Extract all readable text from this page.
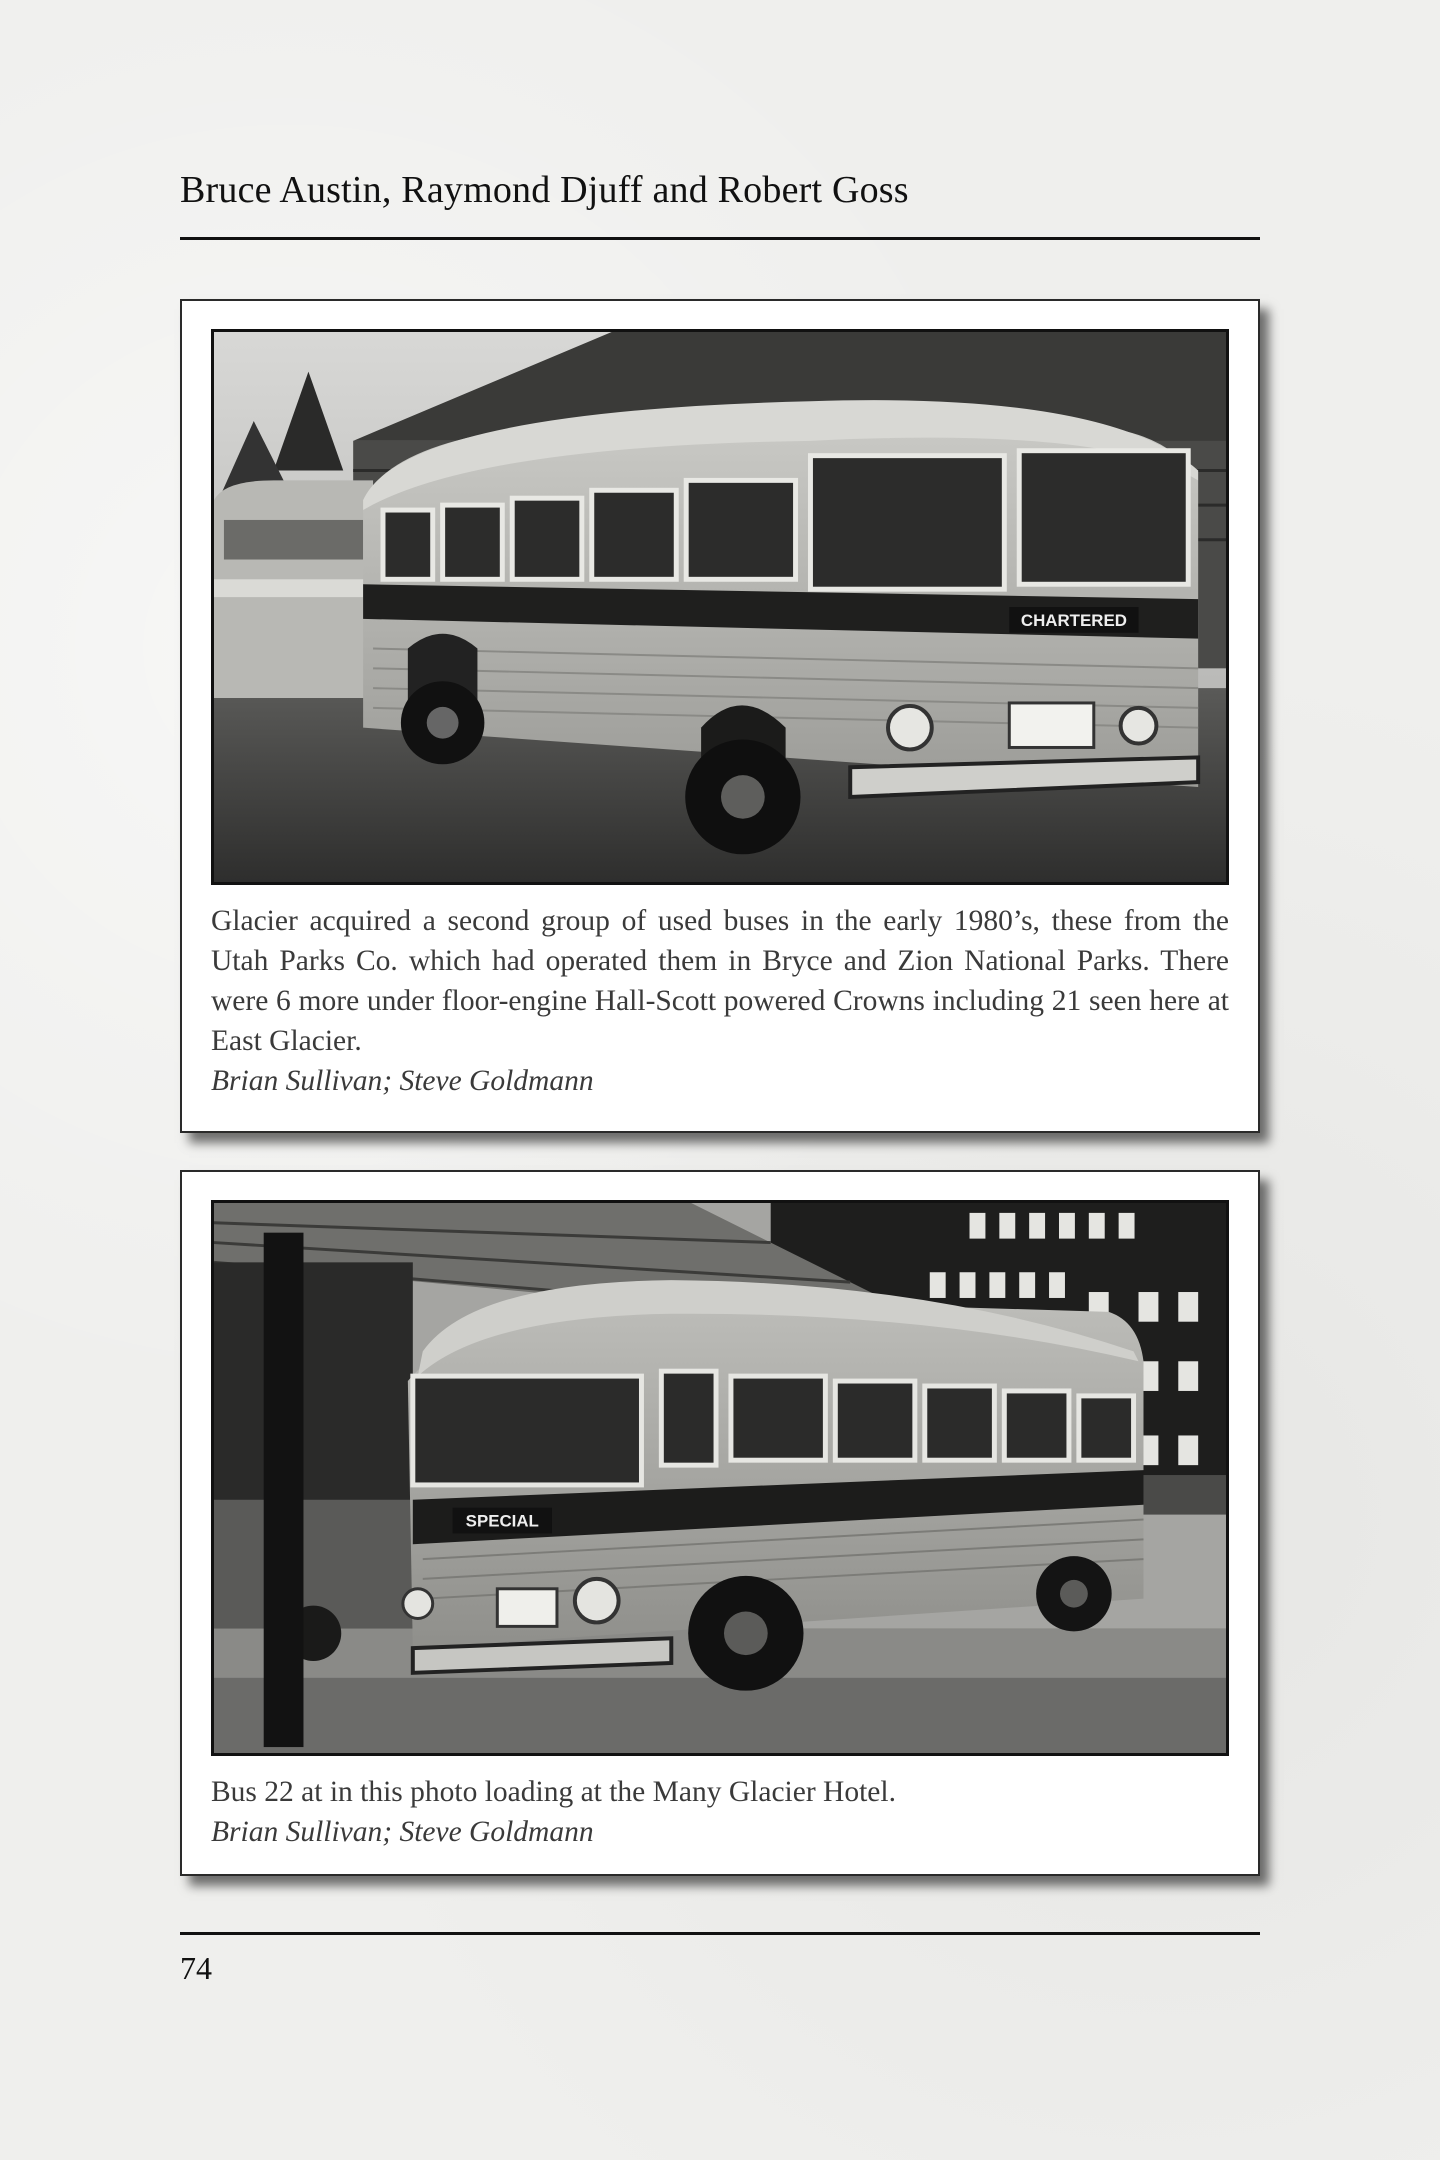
Bruce Austin, Raymond Djuff and Robert Goss
CHARTERED
Glacier acquired a second group of used buses in the early 1980’s, these from the Utah Parks Co. which had operated them in Bryce and Zion National Parks. There were 6 more under floor-engine Hall-Scott powered Crowns including 21 seen here at East Glacier.
Brian Sullivan; Steve Goldmann
SPECIAL
Bus 22 at in this photo loading at the Many Glacier Hotel.
Brian Sullivan; Steve Goldmann
74
